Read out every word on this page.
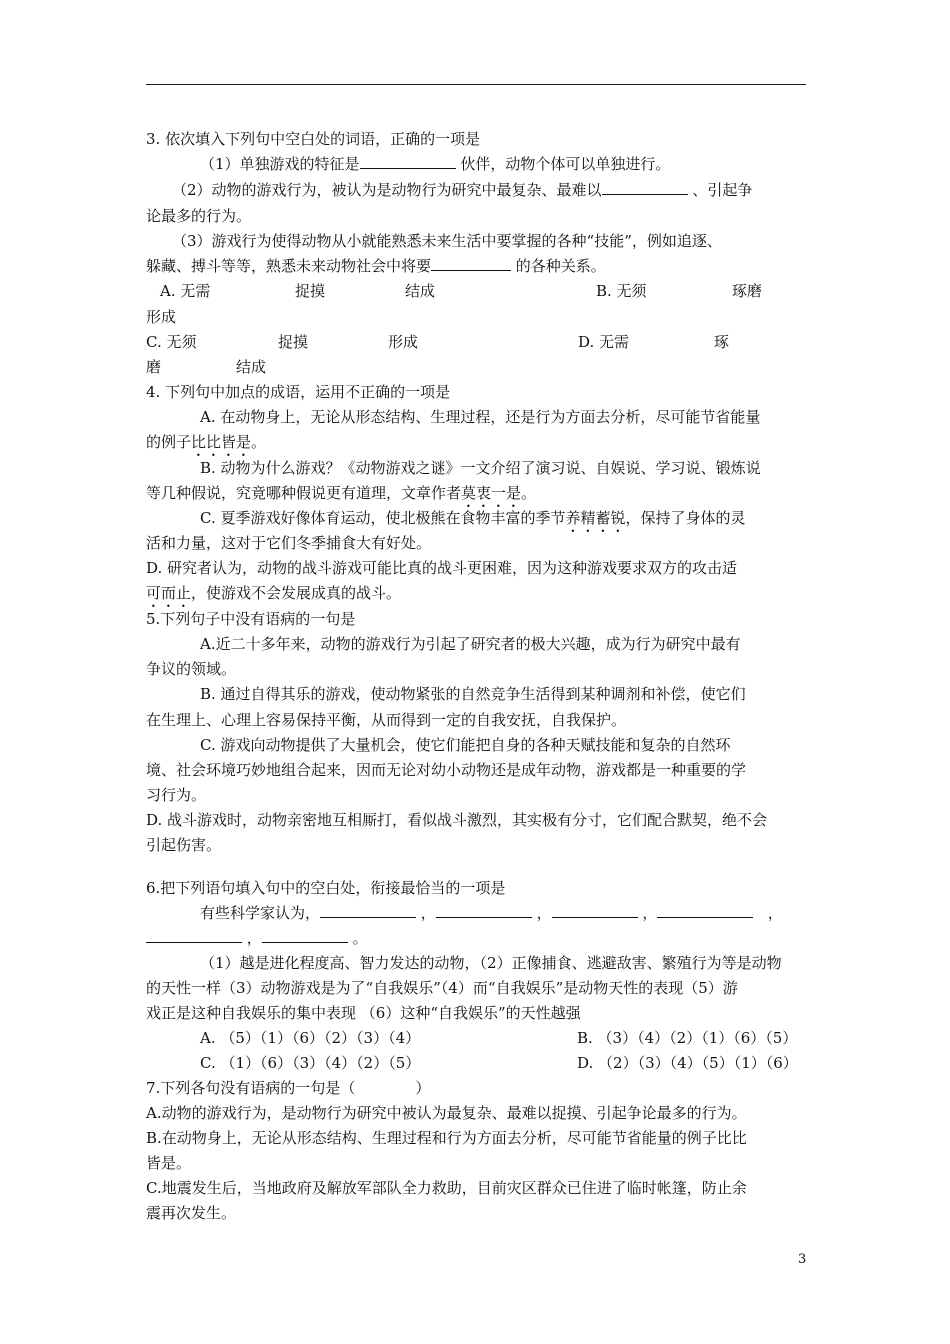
3. 依次填入下列句中空白处的词语，正确的一项是
（1）单独游戏的特征是	伙伴，动物个体可以单独进行。
（2）动物的游戏行为，被认为是动物行为研究中最复杂、最难以	、引起争
论最多的行为。
（3）游戏行为使得动物从小就能熟悉未来生活中要掌握的各种“技能”，例如追逐、
躲藏、搏斗等等，熟悉未来动物社会中将要	的各种关系。
A. 无需	捉摸	结成	B. 无须	琢磨
形成
C. 无须	捉摸	形成	D. 无需	琢
磨	结成
4. 下列句中加点的成语，运用不正确的一项是
A. 在动物身上，无论从形态结构、生理过程，还是行为方面去分析，尽可能节省能量
的例子比比皆是。
B. 动物为什么游戏？《动物游戏之谜》一文介绍了演习说、自娱说、学习说、锻炼说
等几种假说，究竟哪种假说更有道理，文章作者莫衷一是。
C. 夏季游戏好像体育运动，使北极熊在食物丰富的季节养精蓄锐，保持了身体的灵
活和力量，这对于它们冬季捕食大有好处。
D. 研究者认为，动物的战斗游戏可能比真的战斗更困难，因为这种游戏要求双方的攻击适
可而止，使游戏不会发展成真的战斗。
5.下列句子中没有语病的一句是
A.近二十多年来，动物的游戏行为引起了研究者的极大兴趣，成为行为研究中最有
争议的领域。
B. 通过自得其乐的游戏，使动物紧张的自然竞争生活得到某种调剂和补偿，使它们
在生理上、心理上容易保持平衡，从而得到一定的自我安抚，自我保护。
C. 游戏向动物提供了大量机会，使它们能把自身的各种天赋技能和复杂的自然环
境、社会环境巧妙地组合起来，因而无论对幼小动物还是成年动物，游戏都是一种重要的学
习行为。
D. 战斗游戏时，动物亲密地互相厮打，看似战斗激烈，其实极有分寸，它们配合默契，绝不会
引起伤害。
6.把下列语句填入句中的空白处，衔接最恰当的一项是
有些科学家认为，	，	，	，	，
，	。
（1）越是进化程度高、智力发达的动物，（2）正像捕食、逃避敌害、繁殖行为等是动物
的天性一样（3）动物游戏是为了“自我娱乐”（4）而“自我娱乐”是动物天性的表现（5）游
戏正是这种自我娱乐的集中表现 （6）这种“自我娱乐”的天性越强
A. （5）（1）（6）（2）（3）（4）	B. （3）（4）（2）（1）（6）（5）
C. （1）（6）（3）（4）（2）（5）	D. （2）（3）（4）（5）（1）（6）
7.下列各句没有语病的一句是（　　　　）
A.动物的游戏行为，是动物行为研究中被认为最复杂、最难以捉摸、引起争论最多的行为。
B.在动物身上，无论从形态结构、生理过程和行为方面去分析，尽可能节省能量的例子比比
皆是。
C.地震发生后，当地政府及解放军部队全力救助，目前灾区群众已住进了临时帐篷，防止余
震再次发生。
3
